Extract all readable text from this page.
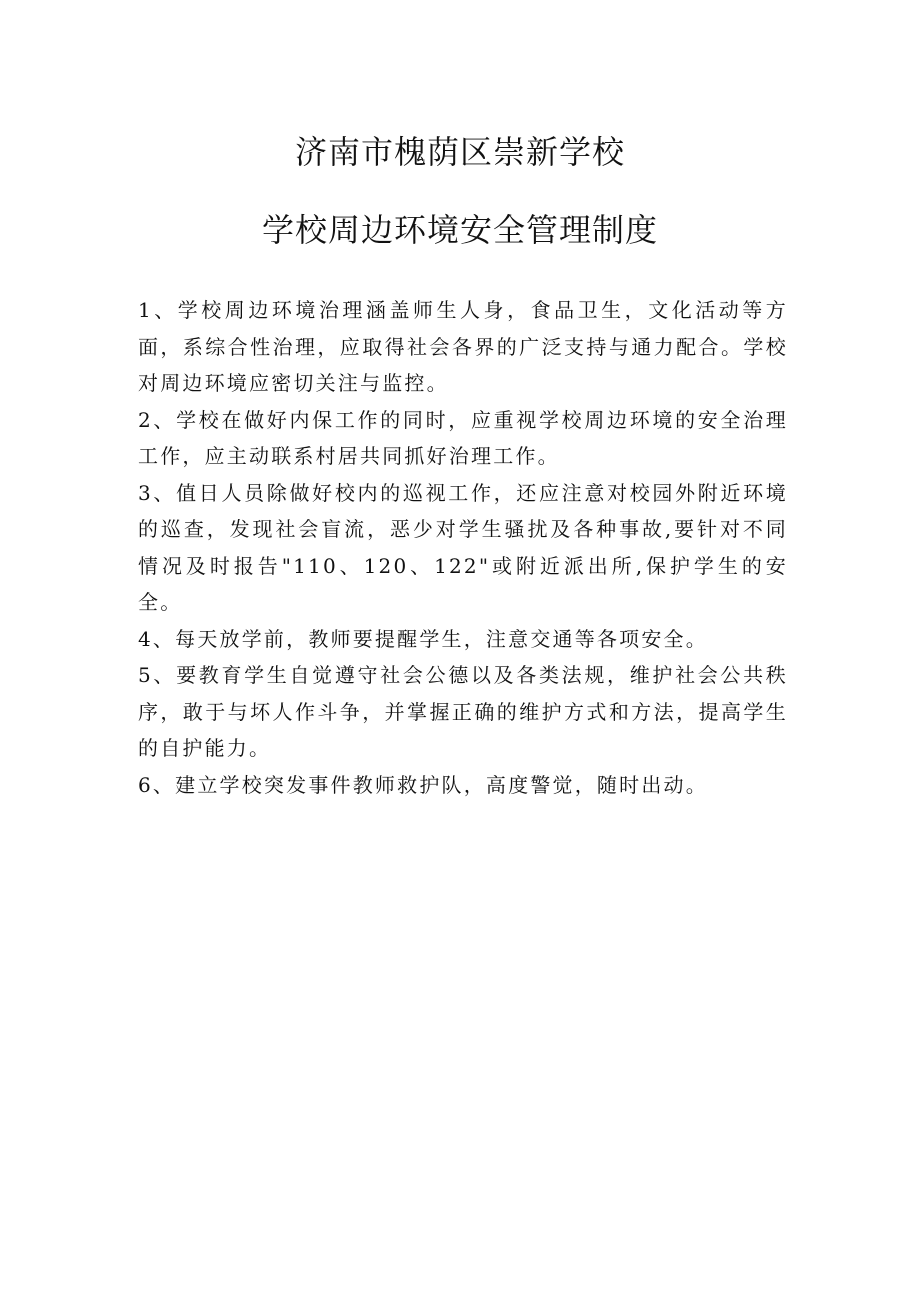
济南市槐荫区崇新学校
学校周边环境安全管理制度

1、学校周边环境治理涵盖师生人身，食品卫生，文化活动等方面，系综合性治理，应取得社会各界的广泛支持与通力配合。学校对周边环境应密切关注与监控。

2、学校在做好内保工作的同时，应重视学校周边环境的安全治理工作，应主动联系村居共同抓好治理工作。

3、值日人员除做好校内的巡视工作，还应注意对校园外附近环境的巡查，发现社会盲流，恶少对学生骚扰及各种事故,要针对不同情况及时报告"110、120、122"或附近派出所,保护学生的安全。

4、每天放学前，教师要提醒学生，注意交通等各项安全。

5、要教育学生自觉遵守社会公德以及各类法规，维护社会公共秩序，敢于与坏人作斗争，并掌握正确的维护方式和方法，提高学生的自护能力。

6、建立学校突发事件教师救护队，高度警觉，随时出动。
